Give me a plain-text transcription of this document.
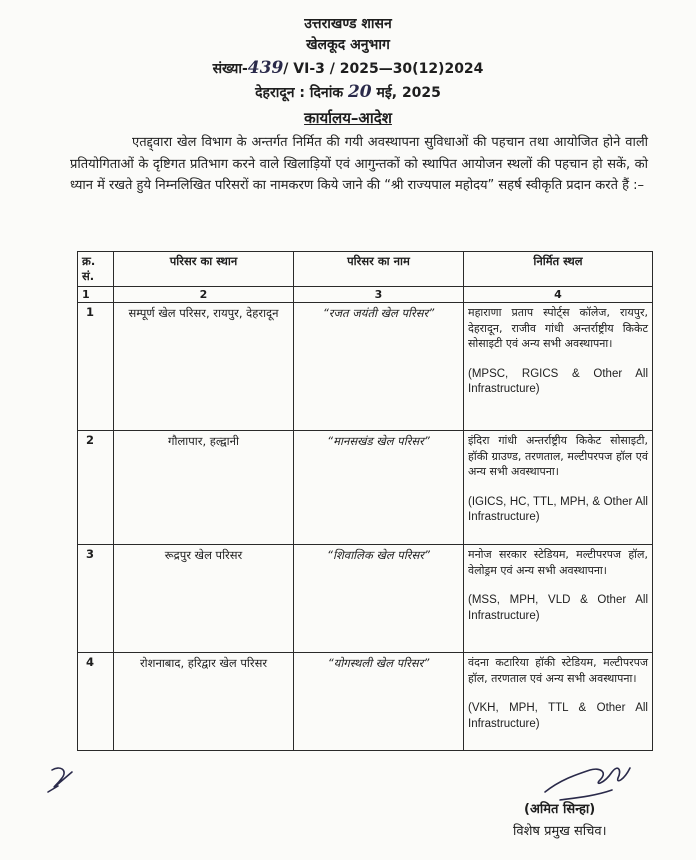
उत्तराखण्ड शासन
खेलकूद अनुभाग
संख्या-439/ VI-3 / 2025—30(12)2024
देहरादून : दिनांक 20 मई, 2025
कार्यालय–आदेश
एतद्द्वारा खेल विभाग के अन्तर्गत निर्मित की गयी अवस्थापना सुविधाओं की पहचान तथा आयोजित होने वाली प्रतियोगिताओं के दृष्टिगत प्रतिभाग करने वाले खिलाड़ियों एवं आगुन्तकों को स्थापित आयोजन स्थलों की पहचान हो सकें, को ध्यान में रखते हुये निम्नलिखित परिसरों का नामकरण किये जाने की “श्री राज्यपाल महोदय” सहर्ष स्वीकृति प्रदान करते हैं :–
क्र. सं.	परिसर का स्थान	परिसर का नाम	निर्मित स्थल
1	2	3	4
1	सम्पूर्ण खेल परिसर, रायपुर, देहरादून	“रजत जयंती खेल परिसर”	महाराणा प्रताप स्पोर्ट्स कॉलेज, रायपुर, देहरादून, राजीव गांधी अन्तर्राष्ट्रीय किकेट सोसाइटी एवं अन्य सभी अवस्थापना।
(MPSC, RGICS & Other All Infrastructure)

2	गौलापार, हल्द्वानी	“मानसखंड खेल परिसर”	इंदिरा गांधी अन्तर्राष्ट्रीय किकेट सोसाइटी, हॉकी ग्राउण्ड, तरणताल, मल्टीपरपज हॉल एवं अन्य सभी अवस्थापना।
(IGICS, HC, TTL, MPH, & Other All Infrastructure)

3	रूद्रपुर खेल परिसर	“शिवालिक खेल परिसर”	मनोज सरकार स्टेडियम, मल्टीपरपज हॉल, वेलोड्रम एवं अन्य सभी अवस्थापना।
(MSS, MPH, VLD & Other All Infrastructure)

4	रोशनाबाद, हरिद्वार खेल परिसर	“योगस्थली खेल परिसर”	वंदना कटारिया हॉकी स्टेडियम, मल्टीपरपज हॉल, तरणताल एवं अन्य सभी अवस्थापना।
(VKH, MPH, TTL & Other All Infrastructure)
(अमित सिन्हा)
विशेष प्रमुख सचिव।
